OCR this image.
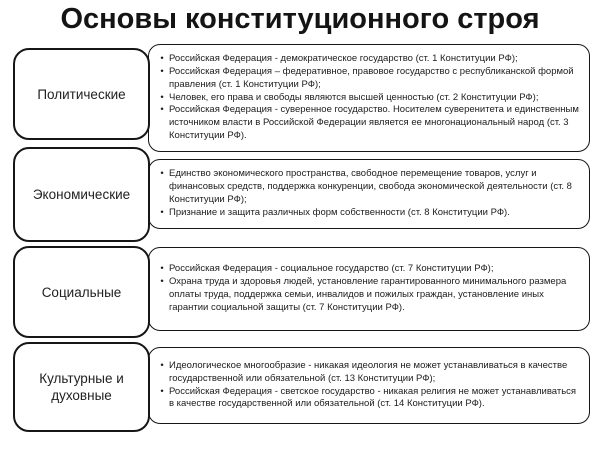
Основы конституционного строя
Политические
• Российская Федерация - демократическое государство (ст. 1 Конституции РФ);
• Российская Федерация – федеративное, правовое государство с республиканской формой правления (ст. 1 Конституции РФ);
• Человек, его права и свободы являются высшей ценностью (ст. 2 Конституции РФ);
• Российская Федерация - суверенное государство. Носителем суверенитета и единственным источником власти в Российской Федерации является ее многонациональный народ (ст. 3 Конституции РФ).
Экономические
• Единство экономического пространства, свободное перемещение товаров, услуг и финансовых средств, поддержка конкуренции, свобода экономической деятельности (ст. 8 Конституции РФ);
• Признание и защита различных форм собственности (ст. 8 Конституции РФ).
Социальные
• Российская Федерация - социальное государство (ст. 7 Конституции РФ);
• Охрана труда и здоровья людей, установление гарантированного минимального размера оплаты труда, поддержка семьи, инвалидов и пожилых граждан, установление иных гарантии социальной защиты (ст. 7 Конституции РФ).
Культурные и духовные
• Идеологическое многообразие - никакая идеология не может устанавливаться в качестве государственной или обязательной (ст. 13 Конституции РФ);
• Российская Федерация - светское государство - никакая религия не может устанавливаться в качестве государственной или обязательной (ст. 14 Конституции РФ).
